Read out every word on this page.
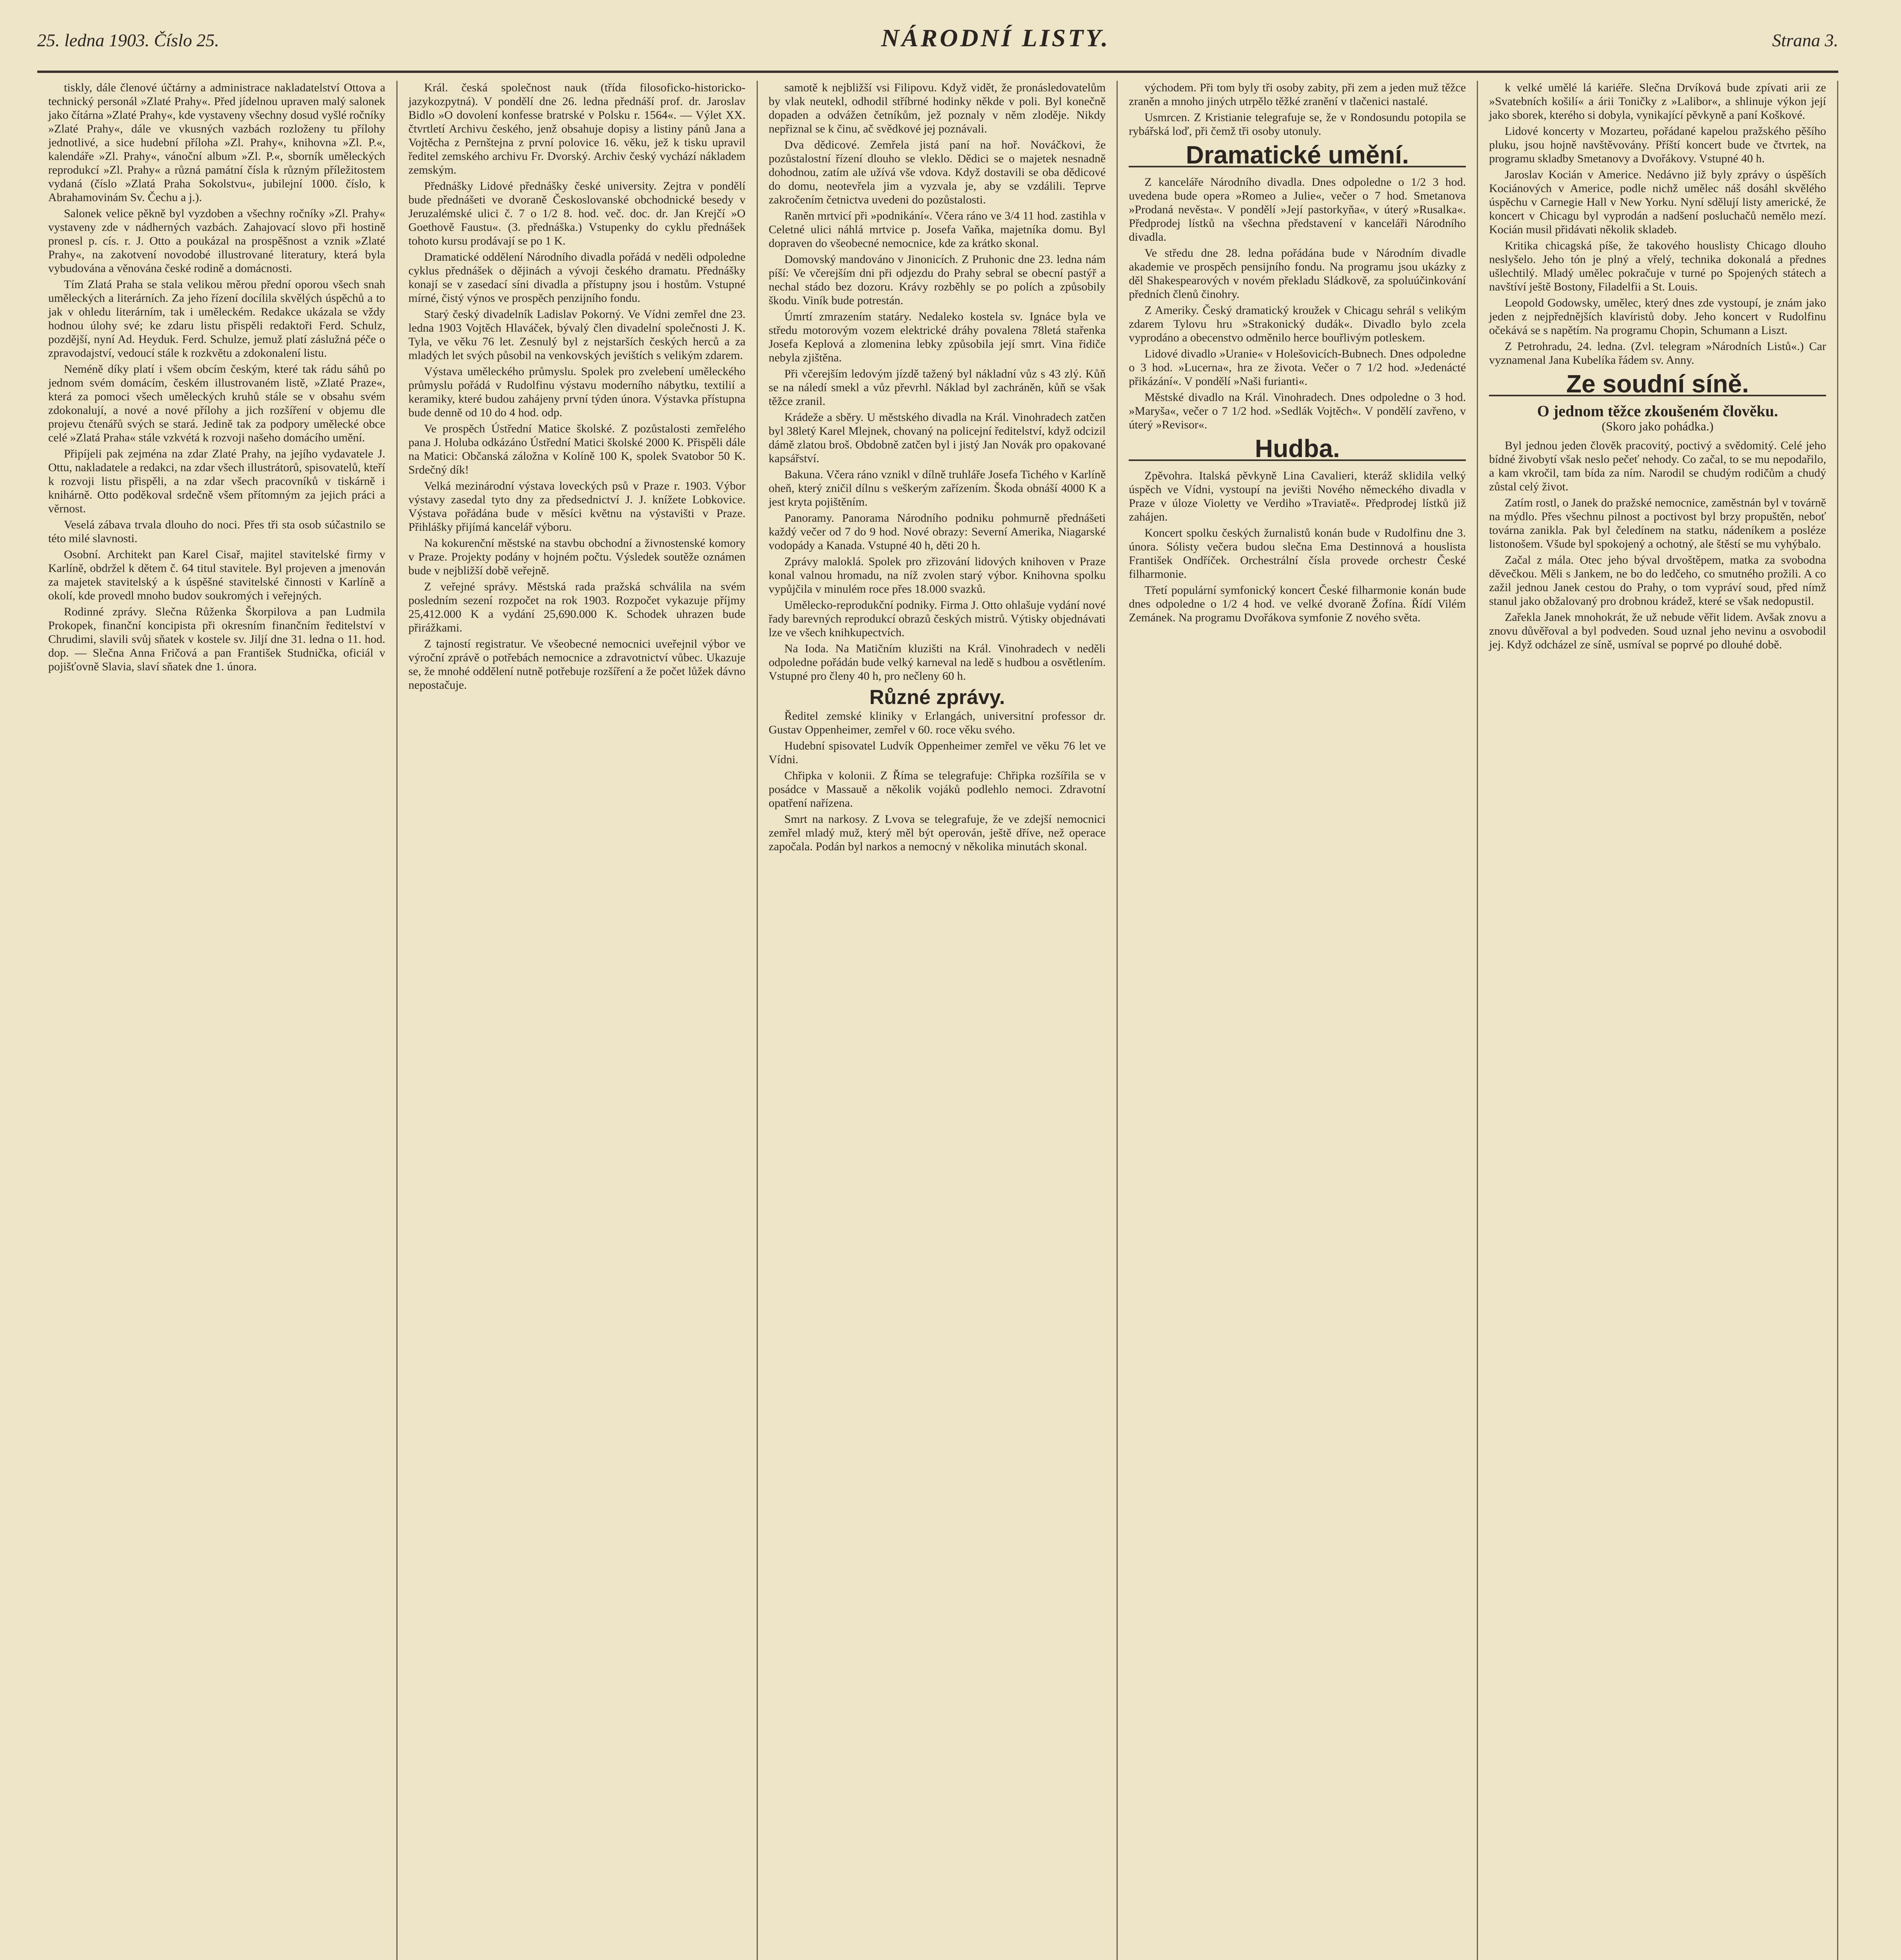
25. ledna 1903. Číslo 25.	NÁRODNÍ LISTY.	Strana 3.

tiskly, dále členové účtárny a administrace nakladatelství Ottova a technický personál »Zlaté Prahy«. Před jídelnou upraven malý salonek jako čítárna »Zlaté Prahy«, kde vystaveny všechny dosud vyšlé ročníky »Zlaté Prahy«, dále ve vkusných vazbách rozloženy tu přílohy jednotlivé, a sice hudební příloha »Zl. Prahy«, knihovna »Zl. P.«, kalendáře »Zl. Prahy«, vánoční album »Zl. P.«, sborník uměleckých reprodukcí »Zl. Prahy« a různá památní čísla k různým příležitostem vydaná (číslo »Zlatá Praha Sokolstvu«, jubilejní 1000. číslo, k Abrahamovinám Sv. Čechu a j.).

Salonek velice pěkně byl vyzdoben a všechny ročníky »Zl. Prahy« vystaveny zde v nádherných vazbách. Zahajovací slovo při hostině pronesl p. cís. r. J. Otto a poukázal na prospěšnost a vznik »Zlaté Prahy«, na zakotvení novodobé illustrované literatury, která byla vybudována a věnována české rodině a domácnosti.

Tím Zlatá Praha se stala velikou měrou přední oporou všech snah uměleckých a literárních. Za jeho řízení docílila skvělých úspěchů a to jak v ohledu literárním, tak i uměleckém. Redakce ukázala se vždy hodnou úlohy své; ke zdaru listu přispěli redaktoři Ferd. Schulz, pozdější, nyní Ad. Heyduk. Ferd. Schulze, jemuž platí záslužná péče o zpravodajství, vedoucí stále k rozkvětu a zdokonalení listu.

Neméně díky platí i všem obcím českým, které tak rádu sáhů po jednom svém domácím, českém illustrovaném listě, »Zlaté Praze«, která za pomoci všech uměleckých kruhů stále se v obsahu svém zdokonalují, a nové a nové přílohy a jich rozšíření v objemu dle projevu čtenářů svých se stará. Jedině tak za podpory umělecké obce celé »Zlatá Praha« stále vzkvétá k rozvoji našeho domácího umění.

Připíjeli pak zejména na zdar Zlaté Prahy, na jejího vydavatele J. Ottu, nakladatele a redakci, na zdar všech illustrátorů, spisovatelů, kteří k rozvoji listu přispěli, a na zdar všech pracovníků v tiskárně i knihárně. Otto poděkoval srdečně všem přítomným za jejich práci a věrnost.

Veselá zábava trvala dlouho do noci. Přes tři sta osob súčastnilo se této milé slavnosti.

Osobní. Architekt pan Karel Cisař, majitel stavitelské firmy v Karlíně, obdržel k dětem č. 64 titul stavitele. Byl projeven a jmenován za majetek stavitelský a k úspěšné stavitelské činnosti v Karlíně a okolí, kde provedl mnoho budov soukromých i veřejných.

Rodinné zprávy. Slečna Růženka Škorpilova a pan Ludmila Prokopek, finanční koncipista při okresním finančním ředitelství v Chrudimi, slavili svůj sňatek v kostele sv. Jiljí dne 31. ledna o 11. hod. dop. — Slečna Anna Fričová a pan František Studnička, oficiál v pojišťovně Slavia, slaví sňatek dne 1. února.

Král. česká společnost nauk (třída filosoficko-historicko-jazykozpytná). V pondělí dne 26. ledna přednáší prof. dr. Jaroslav Bidlo »O dovolení konfesse bratrské v Polsku r. 1564«. — Výlet XX. čtvrtletí Archivu českého, jenž obsahuje dopisy a listiny pánů Jana a Vojtěcha z Pernštejna z první polovice 16. věku, jež k tisku upravil ředitel zemského archivu Fr. Dvorský. Archiv český vychází nákladem zemským.

Přednášky Lidové přednášky české university. Zejtra v pondělí bude přednášeti ve dvoraně Českoslovanské obchodnické besedy v Jeruzalémské ulici č. 7 o 1/2 8. hod. več. doc. dr. Jan Krejčí »O Goethově Faustu«. (3. přednáška.) Vstupenky do cyklu přednášek tohoto kursu prodávají se po 1 K.

Dramatické oddělení Národního divadla pořádá v neděli odpoledne cyklus přednášek o dějinách a vývoji českého dramatu. Přednášky konají se v zasedací síni divadla a přístupny jsou i hostům. Vstupné mírné, čistý výnos ve prospěch penzijního fondu.

Starý český divadelník Ladislav Pokorný. Ve Vídni zemřel dne 23. ledna 1903 Vojtěch Hlaváček, bývalý člen divadelní společnosti J. K. Tyla, ve věku 76 let. Zesnulý byl z nejstarších českých herců a za mladých let svých působil na venkovských jevištích s velikým zdarem.

Výstava uměleckého průmyslu. Spolek pro zvelebení uměleckého průmyslu pořádá v Rudolfinu výstavu moderního nábytku, textilií a keramiky, které budou zahájeny první týden února. Výstavka přístupna bude denně od 10 do 4 hod. odp.

Ve prospěch Ústřední Matice školské. Z pozůstalosti zemřelého pana J. Holuba odkázáno Ústřední Matici školské 2000 K. Přispěli dále na Matici: Občanská záložna v Kolíně 100 K, spolek Svatobor 50 K. Srdečný dík!

Velká mezinárodní výstava loveckých psů v Praze r. 1903. Výbor výstavy zasedal tyto dny za předsednictví J. J. knížete Lobkovice. Výstava pořádána bude v měsíci květnu na výstavišti v Praze. Přihlášky přijímá kancelář výboru.

Na kokurenční městské na stavbu obchodní a živnostenské komory v Praze. Projekty podány v hojném počtu. Výsledek soutěže oznámen bude v nejbližší době veřejně.

Z veřejné správy. Městská rada pražská schválila na svém posledním sezení rozpočet na rok 1903. Rozpočet vykazuje příjmy 25,412.000 K a vydání 25,690.000 K. Schodek uhrazen bude přirážkami.

Z tajností registratur. Ve všeobecné nemocnici uveřejnil výbor ve výroční zprávě o potřebách nemocnice a zdravotnictví vůbec. Ukazuje se, že mnohé oddělení nutně potřebuje rozšíření a že počet lůžek dávno nepostačuje.

samotě k nejbližší vsi Filipovu. Když vidět, že pronásledovatelům by vlak neutekl, odhodil stříbrné hodinky někde v poli. Byl konečně dopaden a odvážen četníkům, jež poznaly v něm zloděje. Nikdy nepřiznal se k činu, ač svědkové jej poznávali.

Dva dědicové. Zemřela jistá paní na hoř. Nováčkovi, že pozůstalostní řízení dlouho se vleklo. Dědici se o majetek nesnadně dohodnou, zatím ale užívá vše vdova. Když dostavili se oba dědicové do domu, neotevřela jim a vyzvala je, aby se vzdálili. Teprve zakročením četnictva uvedeni do pozůstalosti.

Raněn mrtvicí při »podnikání«. Včera ráno ve 3/4 11 hod. zastihla v Celetné ulici náhlá mrtvice p. Josefa Vaňka, majetníka domu. Byl dopraven do všeobecné nemocnice, kde za krátko skonal.

Domovský mandováno v Jinonicích. Z Pruhonic dne 23. ledna nám píší: Ve včerejším dni při odjezdu do Prahy sebral se obecní pastýř a nechal stádo bez dozoru. Krávy rozběhly se po polích a způsobily škodu. Viník bude potrestán.

Úmrtí zmrazením statáry. Nedaleko kostela sv. Ignáce byla ve středu motorovým vozem elektrické dráhy povalena 78letá stařenka Josefa Keplová a zlomenina lebky způsobila její smrt. Vina řidiče nebyla zjištěna.

Při včerejším ledovým jízdě tažený byl nákladní vůz s 43 zlý. Kůň se na náledí smekl a vůz převrhl. Náklad byl zachráněn, kůň se však těžce zranil.

Krádeže a sběry. U městského divadla na Král. Vinohradech zatčen byl 38letý Karel Mlejnek, chovaný na policejní ředitelství, když odcizil dámě zlatou broš. Obdobně zatčen byl i jistý Jan Novák pro opakované kapsářství.

Bakuna. Včera ráno vznikl v dílně truhláře Josefa Tichého v Karlíně oheň, který zničil dílnu s veškerým zařízením. Škoda obnáší 4000 K a jest kryta pojištěním.

Panoramy. Panorama Národního podniku pohmurně přednášeti každý večer od 7 do 9 hod. Nové obrazy: Severní Amerika, Niagarské vodopády a Kanada. Vstupné 40 h, děti 20 h.

Zprávy maloklá. Spolek pro zřizování lidových knihoven v Praze konal valnou hromadu, na níž zvolen starý výbor. Knihovna spolku vypůjčila v minulém roce přes 18.000 svazků.

Umělecko-reprodukční podniky. Firma J. Otto ohlašuje vydání nové řady barevných reprodukcí obrazů českých mistrů. Výtisky objednávati lze ve všech knihkupectvích.

Na Ioda. Na Matičním kluzišti na Král. Vinohradech v neděli odpoledne pořádán bude velký karneval na ledě s hudbou a osvětlením. Vstupné pro členy 40 h, pro nečleny 60 h.

Různé zprávy.

Ředitel zemské kliniky v Erlangách, universitní professor dr. Gustav Oppenheimer, zemřel v 60. roce věku svého.

Hudební spisovatel Ludvík Oppenheimer zemřel ve věku 76 let ve Vídni.

Chřipka v kolonii. Z Říma se telegrafuje: Chřipka rozšířila se v posádce v Massauě a několik vojáků podlehlo nemoci. Zdravotní opatření nařízena.

Smrt na narkosy. Z Lvova se telegrafuje, že ve zdejší nemocnici zemřel mladý muž, který měl být operován, ještě dříve, než operace započala. Podán byl narkos a nemocný v několika minutách skonal.

východem. Při tom byly tři osoby zabity, při zem a jeden muž těžce zraněn a mnoho jiných utrpělo těžké zranění v tlačenici nastalé.

Usmrcen. Z Kristianie telegrafuje se, že v Rondosundu potopila se rybářská loď, při čemž tři osoby utonuly.

Dramatické umění.

Z kanceláře Národního divadla. Dnes odpoledne o 1/2 3 hod. uvedena bude opera »Romeo a Julie«, večer o 7 hod. Smetanova »Prodaná nevěsta«. V pondělí »Její pastorkyňa«, v úterý »Rusalka«. Předprodej lístků na všechna představení v kanceláři Národního divadla.

Ve středu dne 28. ledna pořádána bude v Národním divadle akademie ve prospěch pensijního fondu. Na programu jsou ukázky z děl Shakespearových v novém překladu Sládkově, za spoluúčinkování předních členů činohry.

Z Ameriky. Český dramatický kroužek v Chicagu sehrál s velikým zdarem Tylovu hru »Strakonický dudák«. Divadlo bylo zcela vyprodáno a obecenstvo odměnilo herce bouřlivým potleskem.

Lidové divadlo »Uranie« v Holešovicích-Bubnech. Dnes odpoledne o 3 hod. »Lucerna«, hra ze života. Večer o 7 1/2 hod. »Jedenácté přikázání«. V pondělí »Naši furianti«.

Městské divadlo na Král. Vinohradech. Dnes odpoledne o 3 hod. »Maryša«, večer o 7 1/2 hod. »Sedlák Vojtěch«. V pondělí zavřeno, v úterý »Revisor«.

Hudba.

Zpěvohra. Italská pěvkyně Lina Cavalieri, kteráž sklidila velký úspěch ve Vídni, vystoupí na jevišti Nového německého divadla v Praze v úloze Violetty ve Verdiho »Traviatě«. Předprodej lístků již zahájen.

Koncert spolku českých žurnalistů konán bude v Rudolfinu dne 3. února. Sólisty večera budou slečna Ema Destinnová a houslista František Ondříček. Orchestrální čísla provede orchestr České filharmonie.

Třetí populární symfonický koncert České filharmonie konán bude dnes odpoledne o 1/2 4 hod. ve velké dvoraně Žofína. Řídí Vilém Zemánek. Na programu Dvořákova symfonie Z nového světa.

k velké umělé lá kariéře. Slečna Drvíková bude zpívati arii ze »Svatebních košilí« a árii Toničky z »Lalibor«, a shlinuje výkon její jako sborek, kterého si dobyla, vynikající pěvkyně a paní Koškové.

Lidové koncerty v Mozarteu, pořádané kapelou pražského pěšího pluku, jsou hojně navštěvovány. Příští koncert bude ve čtvrtek, na programu skladby Smetanovy a Dvořákovy. Vstupné 40 h.

Jaroslav Kocián v Americe. Nedávno již byly zprávy o úspěších Kociánových v Americe, podle nichž umělec náš dosáhl skvělého úspěchu v Carnegie Hall v New Yorku. Nyní sdělují listy americké, že koncert v Chicagu byl vyprodán a nadšení posluchačů nemělo mezí. Kocián musil přidávati několik skladeb.

Kritika chicagská píše, že takového houslisty Chicago dlouho neslyšelo. Jeho tón je plný a vřelý, technika dokonalá a přednes ušlechtilý. Mladý umělec pokračuje v turné po Spojených státech a navštíví ještě Bostony, Filadelfii a St. Louis.

Leopold Godowsky, umělec, který dnes zde vystoupí, je znám jako jeden z nejpřednějších klavíristů doby. Jeho koncert v Rudolfinu očekává se s napětím. Na programu Chopin, Schumann a Liszt.

Z Petrohradu, 24. ledna. (Zvl. telegram »Národních Listů«.) Car vyznamenal Jana Kubelíka řádem sv. Anny.

Ze soudní síně.
O jednom těžce zkoušeném člověku.
(Skoro jako pohádka.)

Byl jednou jeden člověk pracovitý, poctivý a svědomitý. Celé jeho bídné živobytí však neslo pečeť nehody. Co začal, to se mu nepodařilo, a kam vkročil, tam bída za ním. Narodil se chudým rodičům a chudý zůstal celý život.

Zatím rostl, o Janek do pražské nemocnice, zaměstnán byl v továrně na mýdlo. Přes všechnu pilnost a poctivost byl brzy propuštěn, neboť továrna zanikla. Pak byl čeledínem na statku, nádeníkem a posléze listonošem. Všude byl spokojený a ochotný, ale štěstí se mu vyhýbalo.

Začal z mála. Otec jeho býval drvoštěpem, matka za svobodna děvečkou. Měli s Jankem, ne bo do ledčeho, co smutného prožili. A co zažil jednou Janek cestou do Prahy, o tom vypráví soud, před nímž stanul jako obžalovaný pro drobnou krádež, které se však nedopustil.

Zařekla Janek mnohokrát, že už nebude věřit lidem. Avšak znovu a znovu důvěřoval a byl podveden. Soud uznal jeho nevinu a osvobodil jej. Když odcházel ze síně, usmíval se poprvé po dlouhé době.
